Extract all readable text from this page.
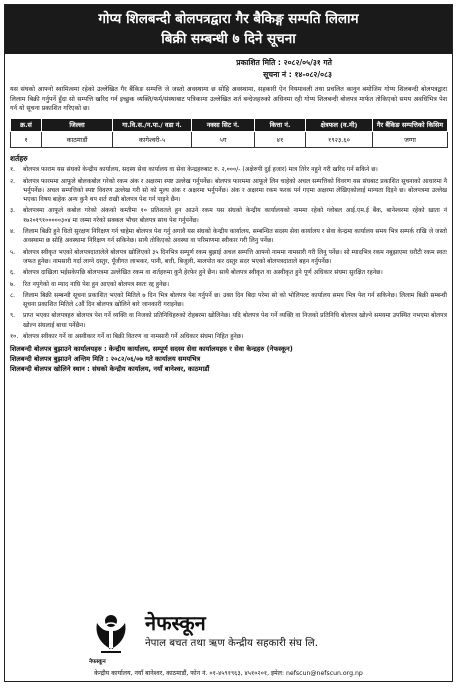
गोप्य शिलबन्दी बोलपत्रद्वारा गैर बैकिङ्ग सम्पति लिलाम
बिक्री सम्बन्धी ७ दिने सूचना
प्रकाशित मिति : २०८२/०५/३१ गते
सूचना नं : १४-०८२/०८३
यस संघको आफ्नो स्वामित्वमा रहेको उल्लेखित गैर बैंकिङ सम्पत्ति जे जस्तो अवस्थामा छ सोहि अवस्थामा, सहकारी ऐन नियमावली तथा प्रचलित कानुन बमोजिम गोप्य शिलबन्दी बोलपत्रद्वारा लिलाम बिक्री गर्नुपर्ने हुँदा सो सम्पत्ति खरिद गर्न इच्छुक व्यक्ति/फर्म/संस्थाबाट पत्रिकामा उल्लेखित शर्त बन्देजहरुको अधिनमा रही गोप्य शिलबन्दी बोलपत्र मार्फत तोकिएको समय अवधिभित्र पेश गर्न यो सूचना प्रकाशित गरिएको छ।
क्र.सं	जिल्ला	गा.वि.स./न.पा./ वडा नं.	नक्सा सिट नं.	कित्ता नं.	क्षेत्रफल (व.मी)	गैर बैंकिङ सम्पत्तिको किसिम
१	काठमाडौं	कागेश्वरी-५	५ग	४१	१९२३.६०	जग्गा
शर्तहरु
१.	बोलपत्र फाराम यस संघको केन्द्रीय कार्यालय, सदस्य सेवा कार्यालय वा सेवा केन्द्रहरुबाट रु. २,०००/- (अक्षेरुपी दुई हजार) मात्र तिरेर नहुने गरी खरिद गर्न सकिने छ।
२.	बोलपत्र फारममा आफूले बोलकबोल गरेको रकम अंक र अक्षरमा स्पष्ट उल्लेख गर्नुपर्नेछ। बोलपत्र फारममा आफूले लिन चाहेको अचल सम्पत्तिको विवरण यस संघबाट प्रकाशित सूचनाको आधारमा नै भर्नुपर्नेछ। अचल सम्पत्तिको स्पष्ट विवरण उल्लेख गरी सो को मूल्य अंक र अक्षरमा भर्नुपर्नेछ। अंक र अक्षरमा रकम फरक पर्न गएमा अक्षरमा लेखिएकोलाई मान्यता दिइने छ। बोलपत्रमा उल्लेख भएका विषय बाहेक अन्य कुनै थप शर्त राखी बोलपत्र पेश गर्न पाइने छैन।
३.	बोलपत्रमा आफूले कबोल गरेको अंकको कम्तीमा १० प्रतिशतले हुन आउने रकम यस संघको केन्द्रीय कार्यालयको नाममा रहेको ग्लोबल आई.एम.ई बैंक, बानेश्वरमा रहेको खाता नं १७२०१९१०००००३०४ मा जम्मा गरेको सक्कल भौचर बोलपत्र साथ पेश गर्नुपर्नेछ।
४.	लिलाम बिक्री हुने धितो सुरक्षण निरिक्षण गर्न चाहेमा बोलपत्र पेश गर्नु अगावै यस संघको केन्द्रीय कार्यालय, सम्बन्धित सदस्य सेवा कार्यालय र सेवा केन्द्रमा कार्यालय समय भित्र सम्पर्क राखि जे जस्तो अवस्थामा छ सोहि अवस्थामा निरिक्षण गर्न सकिनेछ। साथै तोकिएको अवस्था वा परिमाणमा स्वीकार गरी लिनु पर्नेछ।
५.	बोलपत्र स्वीकृत भएको बोलपत्रदातालेले बोलपत्र खोलिएको ३५ दिनभित्र सम्पूर्ण रकम बुझाई अचल सम्पत्ति आफ्नो नाममा नामसारी गरी लिनु पर्नेछ। सो म्यादभित्र रकम नबुझाएमा धरौटी रकम स्वतः जफत हुनेछ। नामसारी गर्दा लाग्ने दस्तुर, पूँजीगत लाभकर, पानी, बत्ती, बिजुली, मालपोत कर दस्तुर सदर भएको बोलपत्रदाताले बहन गर्नुपर्नेछ।
६.	बोलपत्र दाखिला भईसकेपछि बोलपत्रमा उल्लेखित रकम वा शर्तहरुमा कुनै हेरफेर हुने छैन। साथै बोलपत्र स्वीकृत वा अस्वीकृत हुने पूर्ण अधिकार संघमा सुरक्षित रहनेछ।
७.	रित नपुगेको वा म्याद नाघि पेश हुन आएको बोलपत्र स्वतः रद्द हुनेछ।
८.	लिलाम बिक्री सम्बन्धी सूचना प्रकाशित भएको मितिले ७ दिन भित्र बोलपत्र पेश गर्नुपर्ने छ। उक्त दिन बिदा परेमा सो को भोलिपल्ट कार्यालय समय भित्र पेश गर्न सकिनेछ। लिलाम बिक्री सम्बन्धी सूचना प्रकाशित मितिले ८औं दिन बोलपत्र खोलिने बारे जानकारी गराइनेछ।
९.	प्राप्त भएका बोलपत्रहरु बोलपत्र पेश गर्ने व्यक्ति वा निजको प्रतिनिधिहरुको रोहबरमा खोलिनेछ। यदि बोलपत्र पेश गर्ने व्यक्ति वा निजको प्रतिनिधि बोलपत्र खोल्ने समयमा उपस्थित नभएमा बोलपत्र खोल्न संघलाई बाधा पर्नेछैन।
१०. बोलपत्र स्वीकार गर्ने वा अस्वीकार गर्ने वा बिक्री वितरण वा नामसारी गर्ने अधिकार संघमा निहित हुनेछ।
शिलबन्दी बोलपत्र बुझाउने कार्यालयहरु : केन्द्रीय कार्यालय, सम्पूर्ण सदस्य सेवा कार्यालयहरु र सेवा केन्द्रहरु (नेफस्कून)
शिलबन्दी बोलपत्र बुझाउने अन्तिम मिति : २०८२/०६/०७ गते कार्यालय समयभित्र
शिलबन्दी बोलपत्र खोलिने स्थान : संघको केन्द्रीय कार्यालय, नयाँ बानेश्वर, काठमाडौं
नेफस्कून
नेफस्कून
नेपाल बचत तथा ऋण केन्द्रीय सहकारी संघ लि.
केन्द्रीय कार्यालय, नयाँ बानेश्वर, काठमाडौं, फोन नं. ०१-४५९१९६३, ४५१०२०१, इमेल: nefscun@nefscun.org.np
